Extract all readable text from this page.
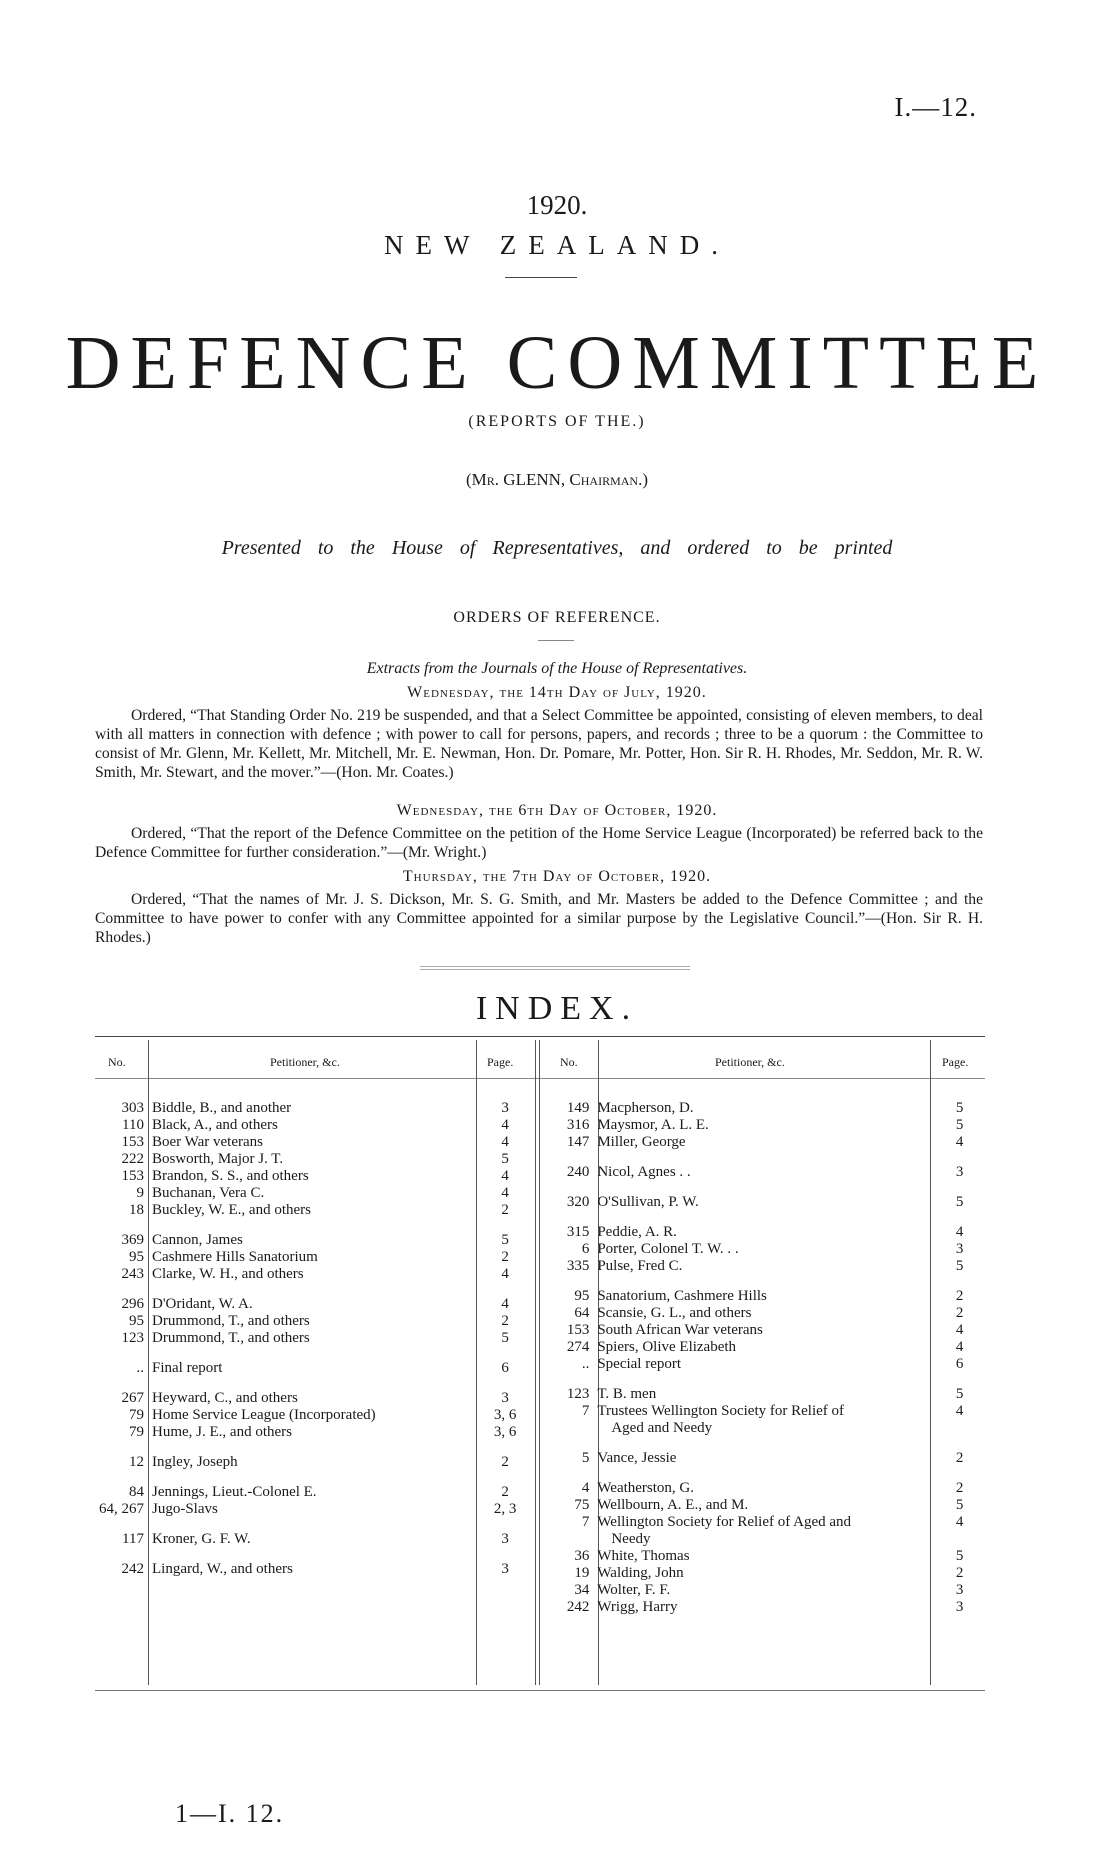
I.—12.
1920.
NEW ZEALAND.
DEFENCE COMMITTEE
(REPORTS OF THE.)
(Mr. GLENN, Chairman.)
Presented to the House of Representatives, and ordered to be printed
ORDERS OF REFERENCE.
Extracts from the Journals of the House of Representatives.
Wednesday, the 14th Day of July, 1920.

Ordered, “That Standing Order No. 219 be suspended, and that a Select Committee be appointed, consisting of eleven members, to deal with all matters in connection with defence ; with power to call for persons, papers, and records ; three to be a quorum : the Committee to consist of Mr. Glenn, Mr. Kellett, Mr. Mitchell, Mr. E. Newman, Hon. Dr. Pomare, Mr. Potter, Hon. Sir R. H. Rhodes, Mr. Seddon, Mr. R. W. Smith, Mr. Stewart, and the mover.”—(Hon. Mr. Coates.)

Wednesday, the 6th Day of October, 1920.

Ordered, “That the report of the Defence Committee on the petition of the Home Service League (Incorporated) be referred back to the Defence Committee for further consideration.”—(Mr. Wright.)

Thursday, the 7th Day of October, 1920.

Ordered, “That the names of Mr. J. S. Dickson, Mr. S. G. Smith, and Mr. Masters be added to the Defence Committee ; and the Committee to have power to confer with any Committee appointed for a similar purpose by the Legislative Council.”—(Hon. Sir R. H. Rhodes.)

INDEX.
No.	Petitioner, &c.	Page.	No.	Petitioner, &c.	Page.
303	Biddle, B., and another	3
110	Black, A., and others	4
153	Boer War veterans	4
222	Bosworth, Major J. T.	5
153	Brandon, S. S., and others	4
9	Buchanan, Vera C.	4
18	Buckley, W. E., and others	2

369	Cannon, James	5
95	Cashmere Hills Sanatorium	2
243	Clarke, W. H., and others	4

296	D'Oridant, W. A.	4
95	Drummond, T., and others	2
123	Drummond, T., and others	5

..	Final report	6

267	Heyward, C., and others	3
79	Home Service League (Incorporated)	3, 6
79	Hume, J. E., and others	3, 6

12	Ingley, Joseph	2

84	Jennings, Lieut.-Colonel E.	2
64, 267	Jugo-Slavs	2, 3

117	Kroner, G. F. W.	3

242	Lingard, W., and others	3
149	Macpherson, D.	5
316	Maysmor, A. L. E.	5
147	Miller, George	4

240	Nicol, Agnes . .	3

320	O'Sullivan, P. W.	5

315	Peddie, A. R.	4
6	Porter, Colonel T. W. . .	3
335	Pulse, Fred C.	5

95	Sanatorium, Cashmere Hills	2
64	Scansie, G. L., and others	2
153	South African War veterans	4
274	Spiers, Olive Elizabeth	4
..	Special report	6

123	T. B. men	5
7	Trustees Wellington Society for Relief of	4
	Aged and Needy	

5	Vance, Jessie	2

4	Weatherston, G.	2
75	Wellbourn, A. E., and M.	5
7	Wellington Society for Relief of Aged and	4
	Needy	
36	White, Thomas	5
19	Walding, John	2
34	Wolter, F. F.	3
242	Wrigg, Harry	3
1—I. 12.
